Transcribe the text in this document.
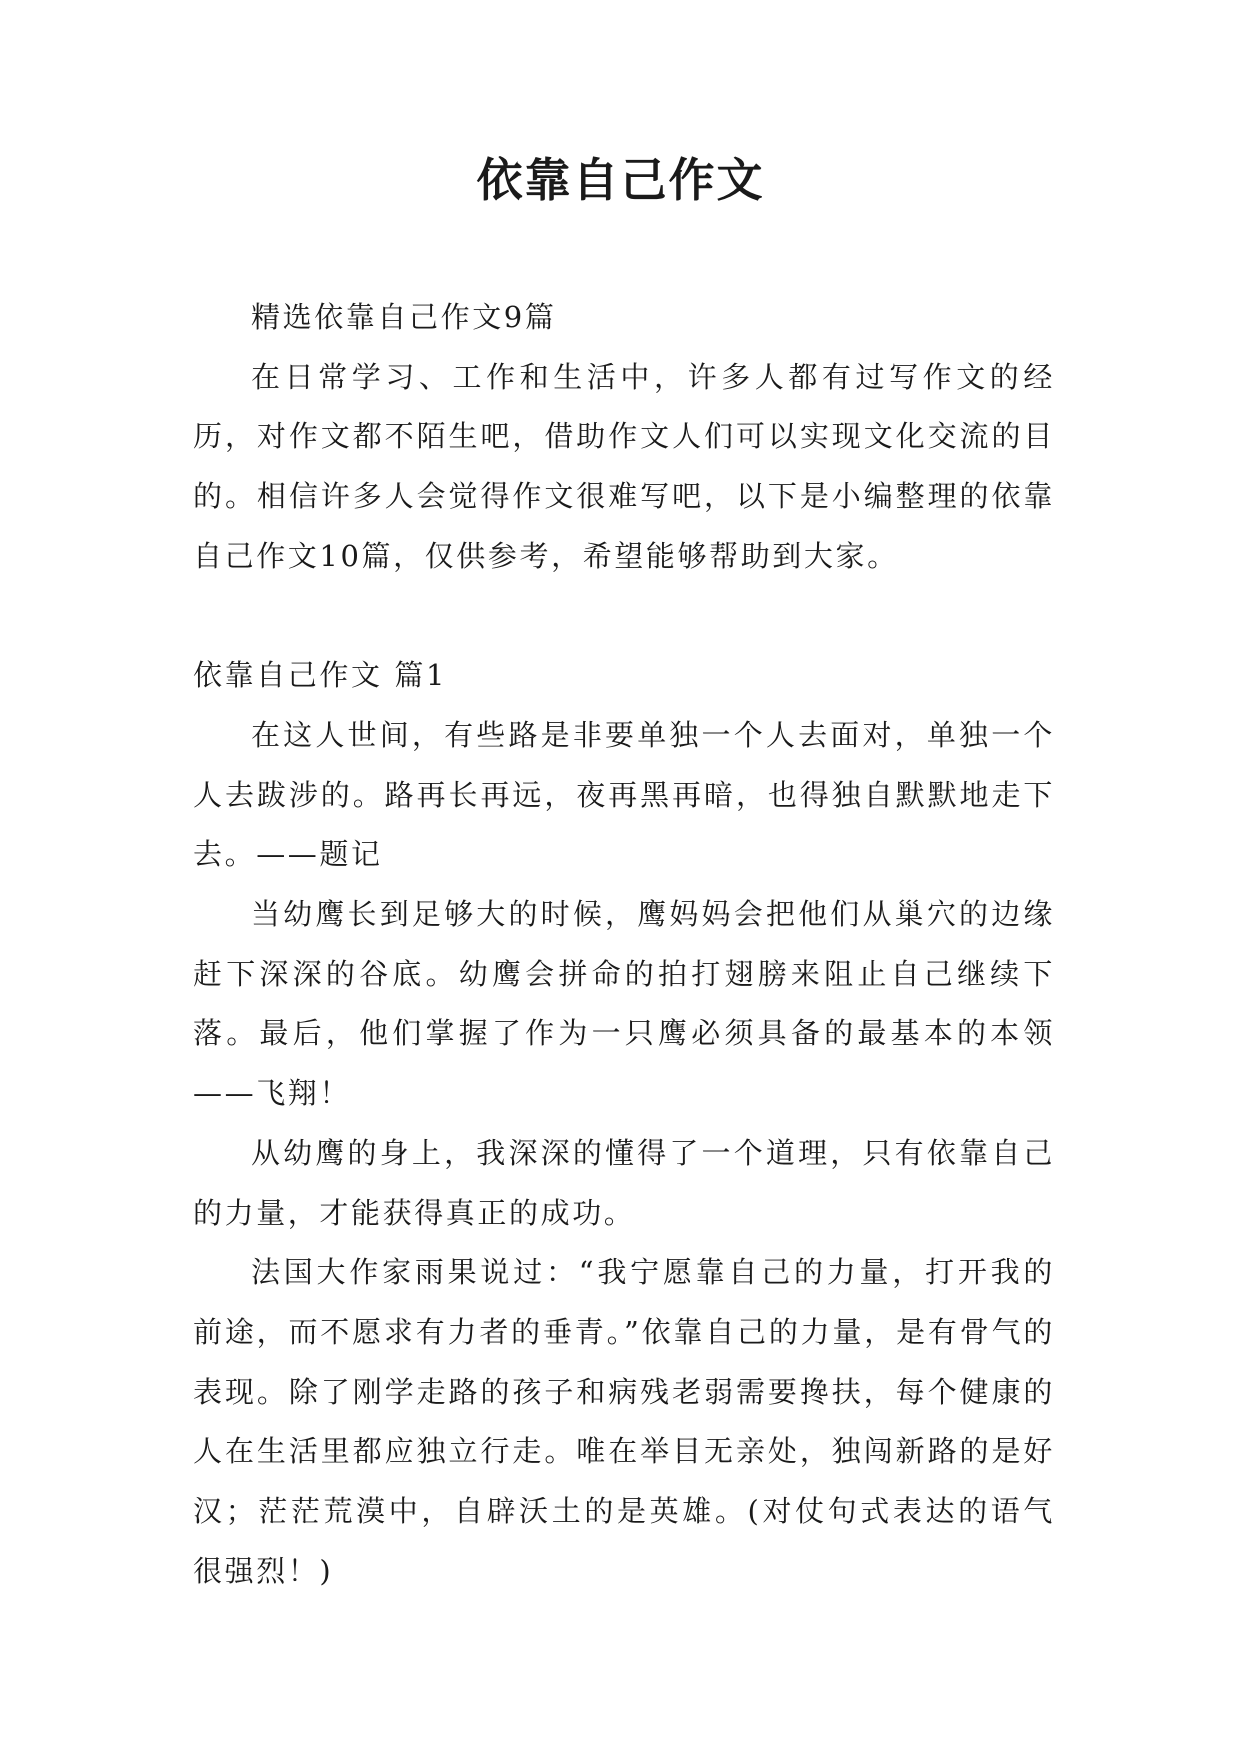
依靠自己作文

精选依靠自己作文9篇

在日常学习、工作和生活中，许多人都有过写作文的经历，对作文都不陌生吧，借助作文人们可以实现文化交流的目的。相信许多人会觉得作文很难写吧，以下是小编整理的依靠自己作文10篇，仅供参考，希望能够帮助到大家。

依靠自己作文 篇1

在这人世间，有些路是非要单独一个人去面对，单独一个人去跋涉的。路再长再远，夜再黑再暗，也得独自默默地走下去。——题记

当幼鹰长到足够大的时候，鹰妈妈会把他们从巢穴的边缘赶下深深的谷底。幼鹰会拼命的拍打翅膀来阻止自己继续下落。最后，他们掌握了作为一只鹰必须具备的最基本的本领——飞翔！

从幼鹰的身上，我深深的懂得了一个道理，只有依靠自己的力量，才能获得真正的成功。

法国大作家雨果说过：“我宁愿靠自己的力量，打开我的前途，而不愿求有力者的垂青。”依靠自己的力量，是有骨气的表现。除了刚学走路的孩子和病残老弱需要搀扶，每个健康的人在生活里都应独立行走。唯在举目无亲处，独闯新路的是好汉；茫茫荒漠中，自辟沃土的是英雄。(对仗句式表达的语气很强烈！)
